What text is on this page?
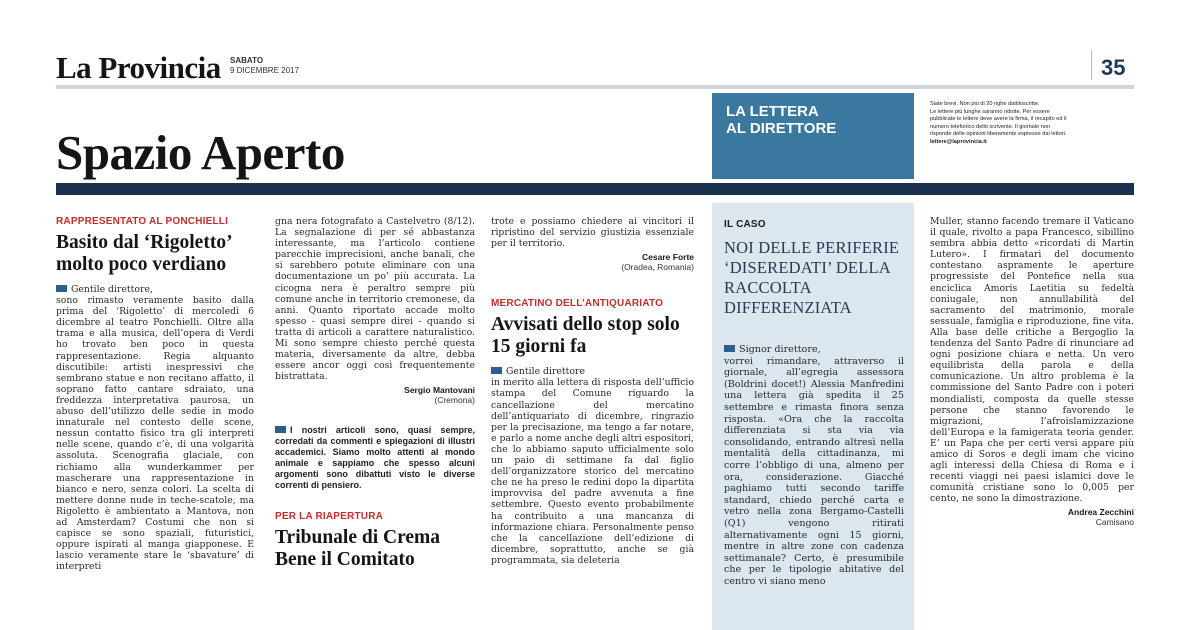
La Provincia SABATO
9 DICEMBRE 2017	35
Spazio Aperto
LA LETTERA
AL DIRETTORE
Siate brevi. Non più di 20 righe dattiloscritte.
Le lettere più lunghe saranno ridotte. Per essere
pubblicate le lettere deve avere la firma, il recapito ed il
numero telefonico dello scrivente. Il giornale non
risponde delle opinioni liberamente espresse dai lettori.
lettere@laprovincia.it
RAPPRESENTATO AL PONCHIELLI
Basito dal ‘Rigoletto’ molto poco verdiano
Gentile direttore,
sono rimasto veramente basito dalla prima del ‘Rigoletto’ di mercoledì 6 dicembre al teatro Ponchielli. Oltre alla trama e alla musica, dell’opera di Verdi ho trovato ben poco in questa rappresentazione. Regia alquanto discutibile: artisti inespressivi che sembrano statue e non recitano affatto, il soprano fatto cantare sdraiato, una freddezza interpretativa paurosa, un abuso dell’utilizzo delle sedie in modo innaturale nel contesto delle scene, nessun contatto fisico tra gli interpreti nelle scene, quando c’è, di una volgarità assoluta. Scenografia glaciale, con richiamo alla wunderkammer per mascherare una rappresentazione in bianco e nero, senza colori. La scelta di mettere donne nude in teche-scatole, ma Rigoletto è ambientato a Mantova, non ad Amsterdam? Costumi che non si capisce se sono spaziali, futuristici, oppure ispirati al manga giapponese. E lascio veramente stare le ‘sbavature’ di interpreti
gna nera fotografato a Castelvetro (8/12). La segnalazione di per sé abbastanza interessante, ma l’articolo contiene parecchie imprecisioni, anche banali, che si sarebbero potute eliminare con una documentazione un po’ più accurata. La cicogna nera è peraltro sempre più comune anche in territorio cremonese, da anni. Quanto riportato accade molto spesso - quasi sempre direi - quando si tratta di articoli a carattere naturalistico. Mi sono sempre chiesto perché questa materia, diversamente da altre, debba essere ancor oggi così frequentemente bistrattata.
Sergio Mantovani
(Cremona)
I nostri articoli sono, quasi sempre, corredati da commenti e spiegazioni di illustri accademici. Siamo molto attenti al mondo animale e sappiamo che spesso alcuni argomenti sono dibattuti visto le diverse correnti di pensiero.
PER LA RIAPERTURA
Tribunale di Crema Bene il Comitato
trote e possiamo chiedere ai vincitori il ripristino del servizio giustizia essenziale per il territorio.
Cesare Forte
(Oradea, Romania)
MERCATINO DELL’ANTIQUARIATO
Avvisati dello stop solo 15 giorni fa
Gentile direttore
in merito alla lettera di risposta dell’ufficio stampa del Comune riguardo la cancellazione del mercatino dell’antiquariato di dicembre, ringrazio per la precisazione, ma tengo a far notare, e parlo a nome anche degli altri espositori, che lo abbiamo saputo ufficialmente solo un paio di settimane fa dal figlio dell’organizzatore storico del mercatino che ne ha preso le redini dopo la dipartita improvvisa del padre avvenuta a fine settembre. Questo evento probabilmente ha contribuito a una mancanza di informazione chiara. Personalmente penso che la cancellazione dell’edizione di dicembre, soprattutto, anche se già programmata, sia deleteria
IL CASO
NOI DELLE PERIFERIE ‘DISEREDATI’ DELLA RACCOLTA DIFFERENZIATA
Signor direttore,
vorrei rimandare, attraverso il giornale, all’egregia assessora (Boldrini docet!) Alessia Manfredini una lettera già spedita il 25 settembre e rimasta finora senza risposta. «Ora che la raccolta differenziata si sta via via consolidando, entrando altresì nella mentalità della cittadinanza, mi corre l’obbligo di una, almeno per ora, considerazione. Giacché paghiamo tutti secondo tariffe standard, chiedo perché carta e vetro nella zona Bergamo-Castelli (Q1) vengono ritirati alternativamente ogni 15 giorni, mentre in altre zone con cadenza settimanale? Certo, è presumibile che per le tipologie abitative del centro vi siano meno
Muller, stanno facendo tremare il Vaticano il quale, rivolto a papa Francesco, sibillino sembra abbia detto «ricordati di Martin Lutero». I firmatari del documento contestano aspramente le aperture progressiste del Pontefice nella sua enciclica Amoris Laetitia su fedeltà coniugale, non annullabilità del sacramento del matrimonio, morale sessuale, famiglia e riproduzione, fine vita. Alla base delle critiche a Bergoglio la tendenza del Santo Padre di rinunciare ad ogni posizione chiara e netta. Un vero equilibrista della parola e della comunicazione. Un altro problema è la commissione del Santo Padre con i poteri mondialisti, composta da quelle stesse persone che stanno favorendo le migrazioni, l’afroislamizzazione dell’Europa e la famigerata teoria gender. E’ un Papa che per certi versi appare più amico di Soros e degli imam che vicino agli interessi della Chiesa di Roma e i recenti viaggi nei paesi islamici dove le comunità cristiane sono lo 0,005 per cento, ne sono la dimostrazione.
Andrea Zecchini
Camisano
